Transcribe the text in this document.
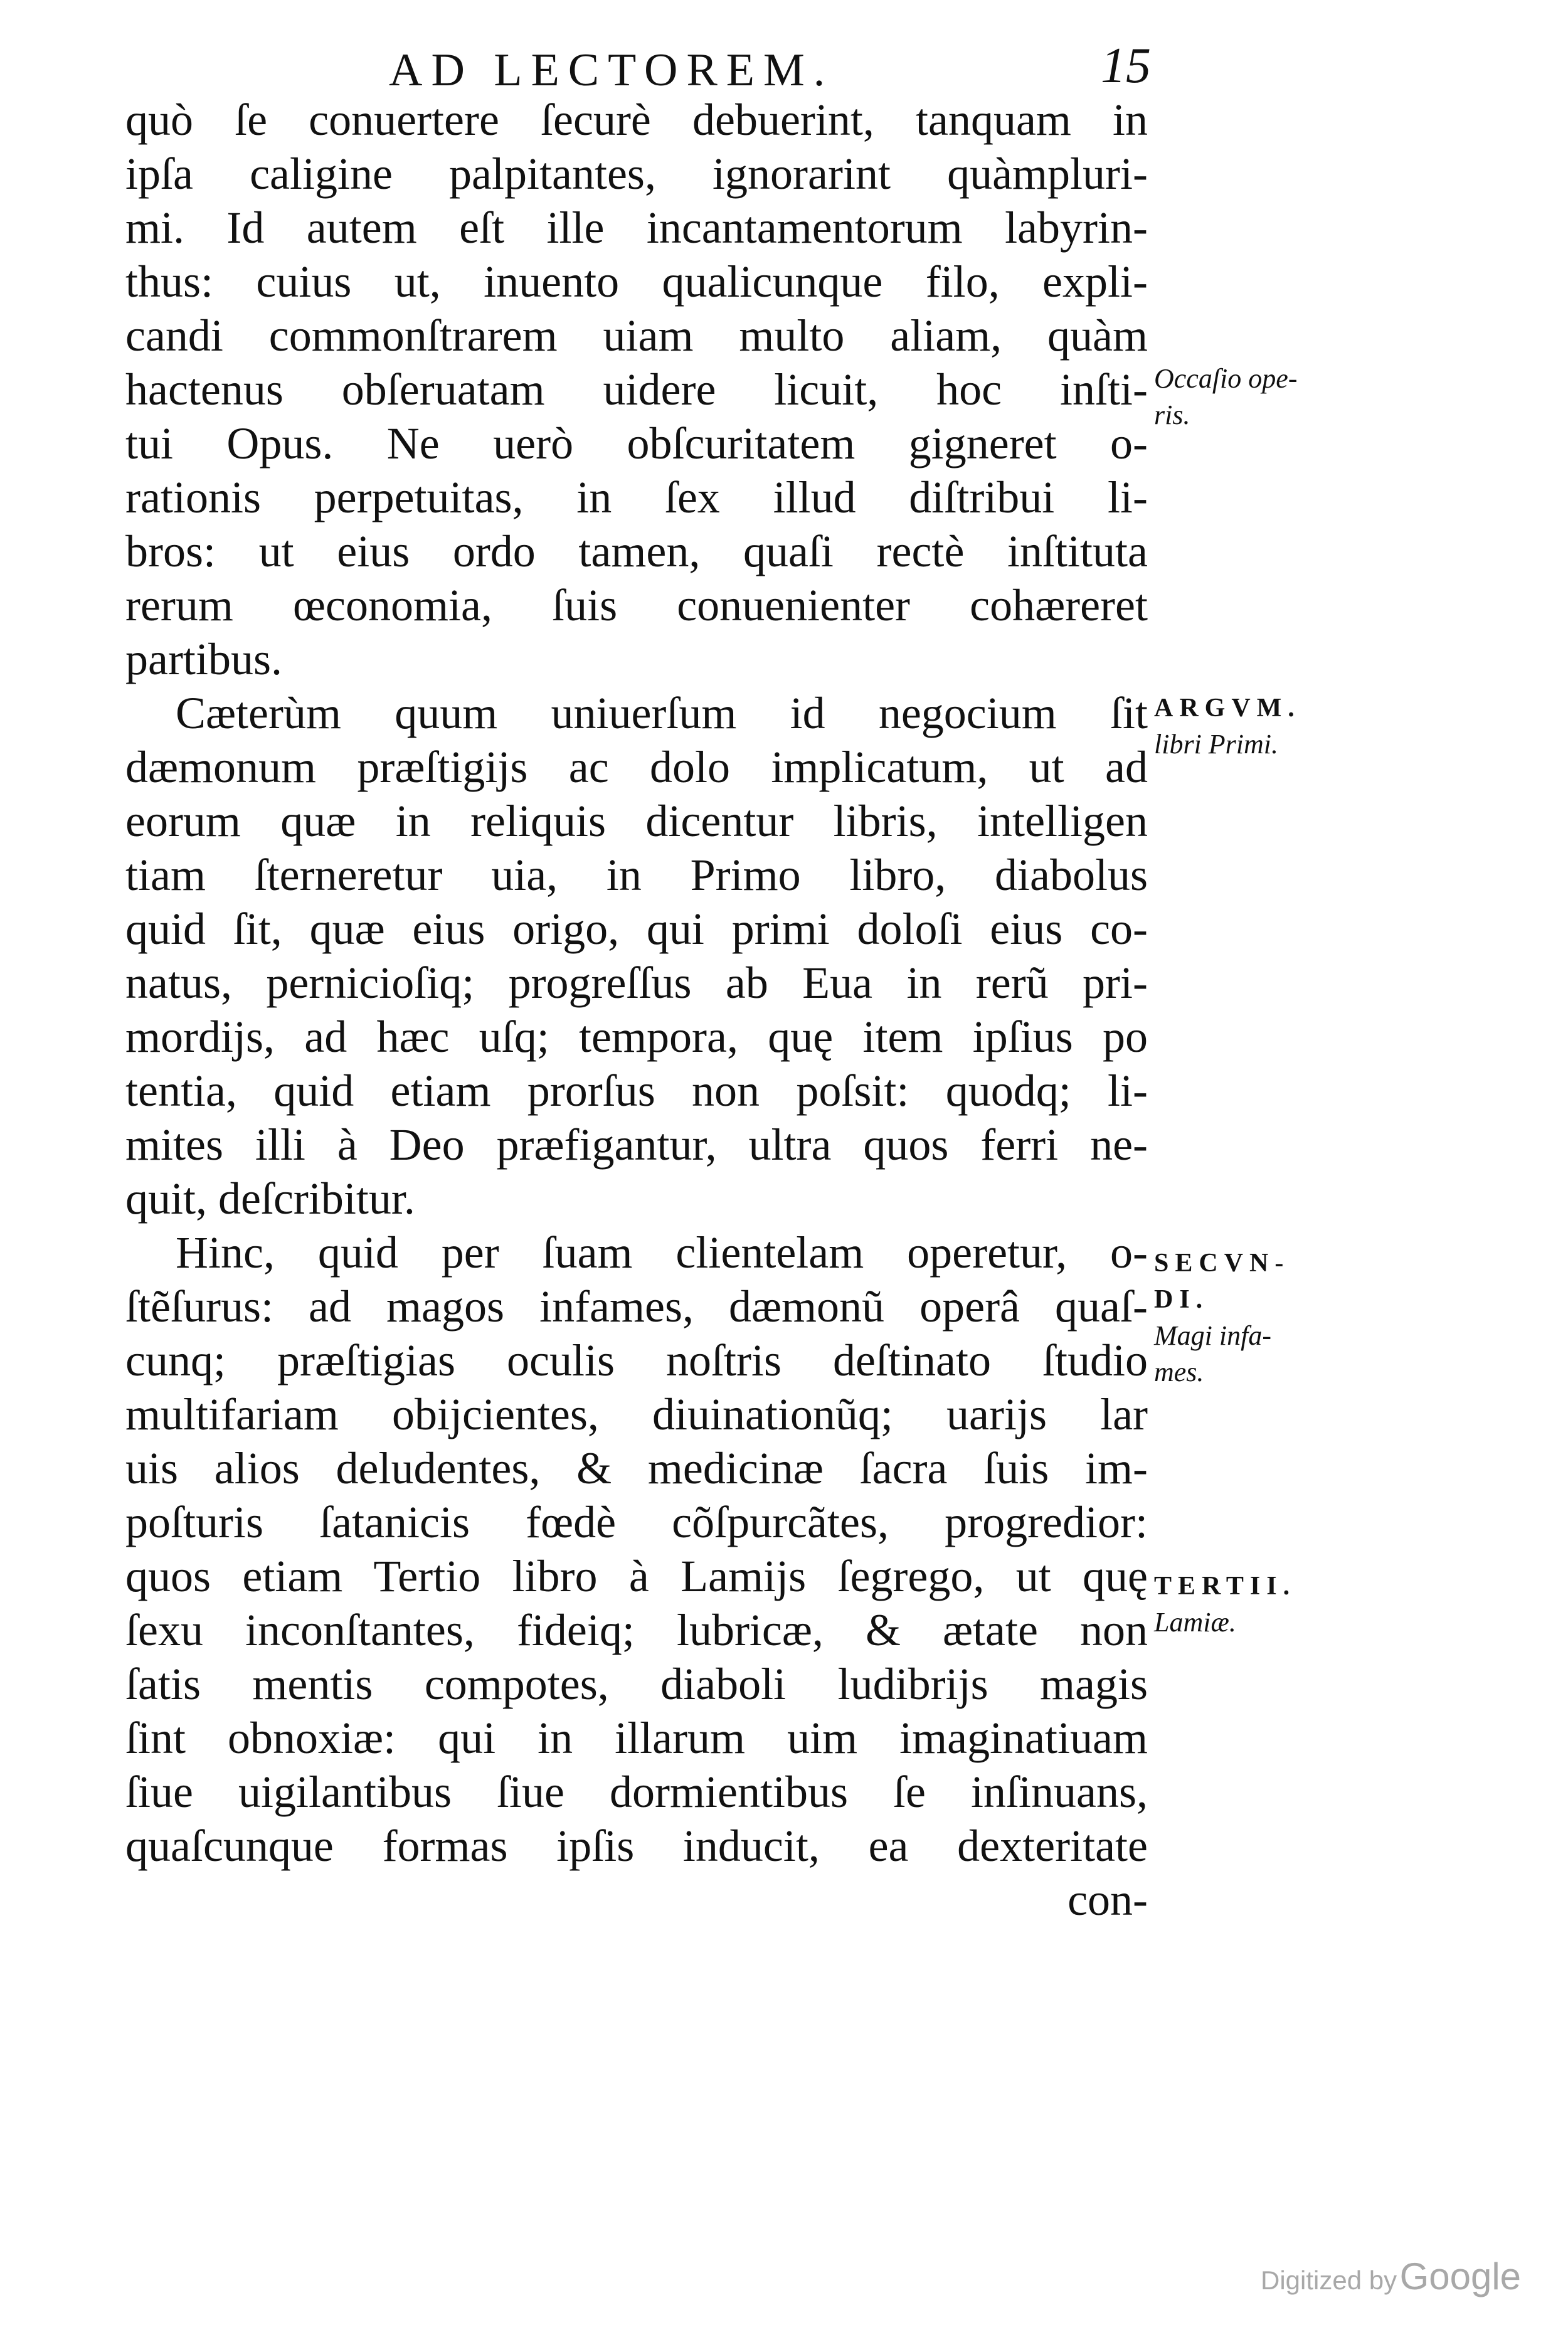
AD LECTOREM.	15
quò ſe conuertere ſecurè debuerint, tanquam in
ipſa caligine palpitantes, ignorarint quàmpluri-
mi. Id autem eſt ille incantamentorum labyrin-
thus: cuius ut, inuento qualicunque filo, expli-
candi commonſtrarem uiam multo aliam, quàm
hactenus obſeruatam uidere licuit, hoc inſti-
tui Opus. Ne uerò obſcuritatem gigneret o-
rationis perpetuitas, in ſex illud diſtribui li-
bros: ut eius ordo tamen, quaſi rectè inſtituta
rerum œconomia, ſuis conuenienter cohæreret
partibus.
Cæterùm quum uniuerſum id negocium ſit
dæmonum præſtigijs ac dolo implicatum, ut ad
eorum quæ in reliquis dicentur libris, intelligen
tiam ſterneretur uia, in Primo libro, diabolus
quid ſit, quæ eius origo, qui primi doloſi eius co-
natus, pernicioſiq; progreſſus ab Eua in rerũ pri-
mordijs, ad hæc uſq; tempora, quę item ipſius po
tentia, quid etiam prorſus non poſsit: quodq; li-
mites illi à Deo præfigantur, ultra quos ferri ne-
quit, deſcribitur.
Hinc, quid per ſuam clientelam operetur, o-
ſtẽſurus: ad magos infames, dæmonũ operâ quaſ-
cunq; præſtigias oculis noſtris deſtinato ſtudio
multifariam obijcientes, diuinationũq; uarijs lar
uis alios deludentes, & medicinæ ſacra ſuis im-
poſturis ſatanicis fœdè cõſpurcãtes, progredior:
quos etiam Tertio libro à Lamijs ſegrego, ut quę
ſexu inconſtantes, fideiq; lubricæ, & ætate non
ſatis mentis compotes, diaboli ludibrijs magis
ſint obnoxiæ: qui in illarum uim imaginatiuam
ſiue uigilantibus ſiue dormientibus ſe inſinuans,
quaſcunque formas ipſis inducit, ea dexteritate
con-
Occaſio ope-
ris.
ARGVM.
libri Primi.
SECVN-
DI.
Magi infa-
mes.
TERTII.
Lamiæ.
Digitized by Google
